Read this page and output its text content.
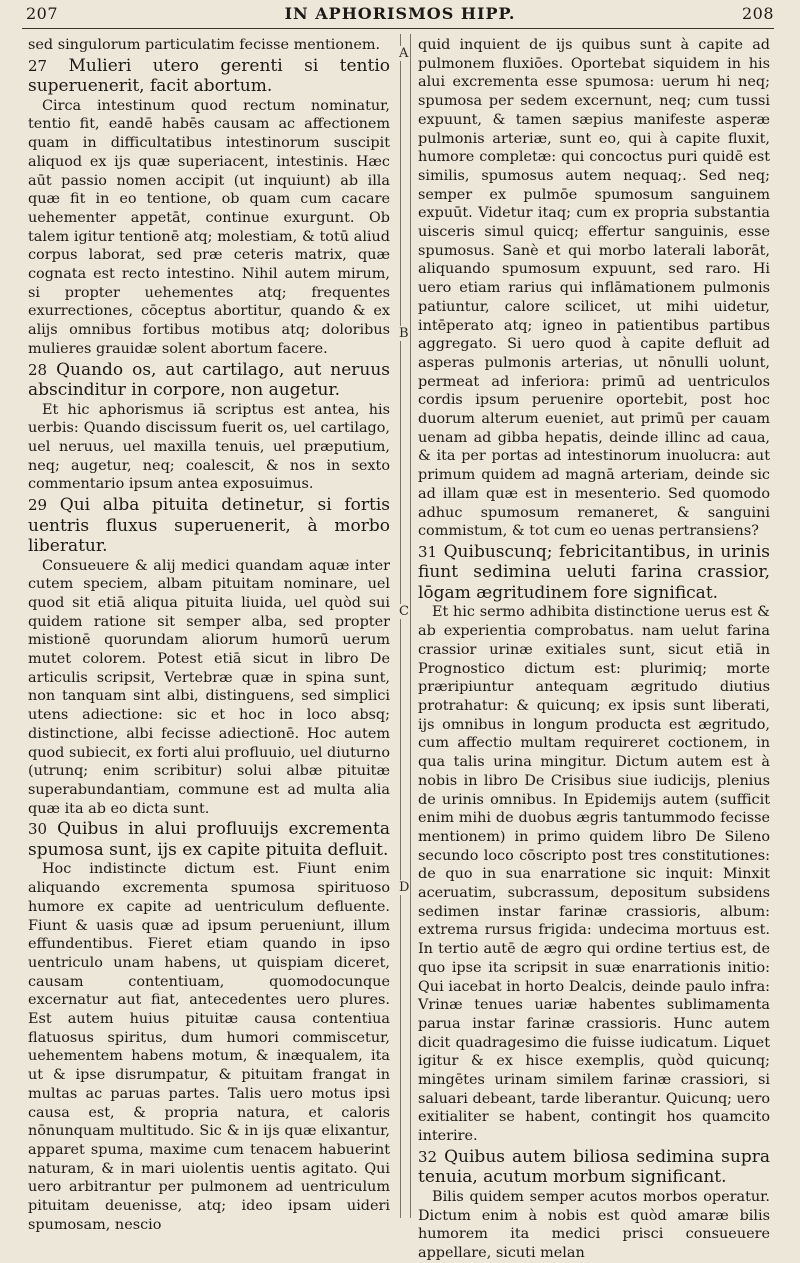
207	IN APHORISMOS HIPP.	208
A
B
C
D

sed singulorum particulatim fecisse mentionem.

27 Mulieri utero gerenti si tentio superuenerit, facit abortum.

Circa intestinum quod rectum nominatur, tentio fit, eandē habēs causam ac affectionem quam in difficultatibus intestinorum suscipit aliquod ex ijs quæ superiacent, intestinis. Hæc aūt passio nomen accipit (ut inquiunt) ab illa quæ fit in eo tentione, ob quam cum cacare uehementer appetāt, continue exurgunt. Ob talem igitur tentionē atq; molestiam, & totū aliud corpus laborat, sed præ ceteris matrix, quæ cognata est recto intestino. Nihil autem mirum, si propter uehementes atq; frequentes exurrectiones, cōceptus abortitur, quando & ex alijs omnibus fortibus motibus atq; doloribus mulieres grauidæ solent abortum facere.

28 Quando os, aut cartilago, aut neruus abscinditur in corpore, non augetur.

Et hic aphorismus iā scriptus est antea, his uerbis: Quando discissum fuerit os, uel cartilago, uel neruus, uel maxilla tenuis, uel præputium, neq; augetur, neq; coalescit, & nos in sexto commentario ipsum antea exposuimus.

29 Qui alba pituita detinetur, si fortis uentris fluxus superuenerit, à morbo liberatur.

Consueuere & alij medici quandam aquæ inter cutem speciem, albam pituitam nominare, uel quod sit etiā aliqua pituita liuida, uel quòd sui quidem ratione sit semper alba, sed propter mistionē quorundam aliorum humorū uerum mutet colorem. Potest etiā sicut in libro De articulis scripsit, Vertebræ quæ in spina sunt, non tanquam sint albi, distinguens, sed simplici utens adiectione: sic et hoc in loco absq; distinctione, albi fecisse adiectionē. Hoc autem quod subiecit, ex forti alui profluuio, uel diuturno (utrunq; enim scribitur) solui albæ pituitæ superabundantiam, commune est ad multa alia quæ ita ab eo dicta sunt.

30 Quibus in alui profluuijs excrementa spumosa sunt, ijs ex capite pituita defluit.

Hoc indistincte dictum est. Fiunt enim aliquando excrementa spumosa spirituoso humore ex capite ad uentriculum defluente. Fiunt & uasis quæ ad ipsum perueniunt, illum effundentibus. Fieret etiam quando in ipso uentriculo unam habens, ut quispiam diceret, causam contentiuam, quomodocunque excernatur aut fiat, antecedentes uero plures. Est autem huius pituitæ causa contentiua flatuosus spiritus, dum humori commiscetur, uehementem habens motum, & inæqualem, ita ut & ipse disrumpatur, & pituitam frangat in multas ac paruas partes. Talis uero motus ipsi causa est, & propria natura, et caloris nōnunquam multitudo. Sic & in ijs quæ elixantur, apparet spuma, maxime cum tenacem habuerint naturam, & in mari uiolentis uentis agitato. Qui uero arbitrantur per pulmonem ad uentriculum pituitam deuenisse, atq; ideo ipsam uideri spumosam, nescio

quid inquient de ijs quibus sunt à capite ad pulmonem fluxiōes. Oportebat siquidem in his alui excrementa esse spumosa: uerum hi neq; spumosa per sedem excernunt, neq; cum tussi expuunt, & tamen sæpius manifeste asperæ pulmonis arteriæ, sunt eo, qui à capite fluxit, humore completæ: qui concoctus puri quidē est similis, spumosus autem nequaq;. Sed neq; semper ex pulmōe spumosum sanguinem expuūt. Videtur itaq; cum ex propria substantia uisceris simul quicq; effertur sanguinis, esse spumosus. Sanè et qui morbo laterali laborāt, aliquando spumosum expuunt, sed raro. Hi uero etiam rarius qui inflāmationem pulmonis patiuntur, calore scilicet, ut mihi uidetur, intēperato atq; igneo in patientibus partibus aggregato. Si uero quod à capite defluit ad asperas pulmonis arterias, ut nōnulli uolunt, permeat ad inferiora: primū ad uentriculos cordis ipsum peruenire oportebit, post hoc duorum alterum eueniet, aut primū per cauam uenam ad gibba hepatis, deinde illinc ad caua, & ita per portas ad intestinorum inuolucra: aut primum quidem ad magnā arteriam, deinde sic ad illam quæ est in mesenterio. Sed quomodo adhuc spumosum remaneret, & sanguini commistum, & tot cum eo uenas pertransiens?

31 Quibuscunq; febricitantibus, in urinis fiunt sedimina ueluti farina crassior, lōgam ægritudinem fore significat.

Et hic sermo adhibita distinctione uerus est & ab experientia comprobatus. nam uelut farina crassior urinæ exitiales sunt, sicut etiā in Prognostico dictum est: plurimiq; morte præripiuntur antequam ægritudo diutius protrahatur: & quicunq; ex ipsis sunt liberati, ijs omnibus in longum producta est ægritudo, cum affectio multam requireret coctionem, in qua talis urina mingitur. Dictum autem est à nobis in libro De Crisibus siue iudicijs, plenius de urinis omnibus. In Epidemijs autem (sufficit enim mihi de duobus ægris tantummodo fecisse mentionem) in primo quidem libro De Sileno secundo loco cōscripto post tres constitutiones: de quo in sua enarratione sic inquit: Minxit aceruatim, subcrassum, depositum subsidens sedimen instar farinæ crassioris, album: extrema rursus frigida: undecima mortuus est. In tertio autē de ægro qui ordine tertius est, de quo ipse ita scripsit in suæ enarrationis initio: Qui iacebat in horto Dealcis, deinde paulo infra: Vrinæ tenues uariæ habentes sublimamenta parua instar farinæ crassioris. Hunc autem dicit quadragesimo die fuisse iudicatum. Liquet igitur & ex hisce exemplis, quòd quicunq; mingētes urinam similem farinæ crassiori, si saluari debeant, tarde liberantur. Quicunq; uero exitialiter se habent, contingit hos quamcito interire.

32 Quibus autem biliosa sedimina supra tenuia, acutum morbum significant.

Bilis quidem semper acutos morbos operatur. Dictum enim à nobis est quòd amaræ bilis humorem ita medici prisci consueuere appellare, sicuti melan
